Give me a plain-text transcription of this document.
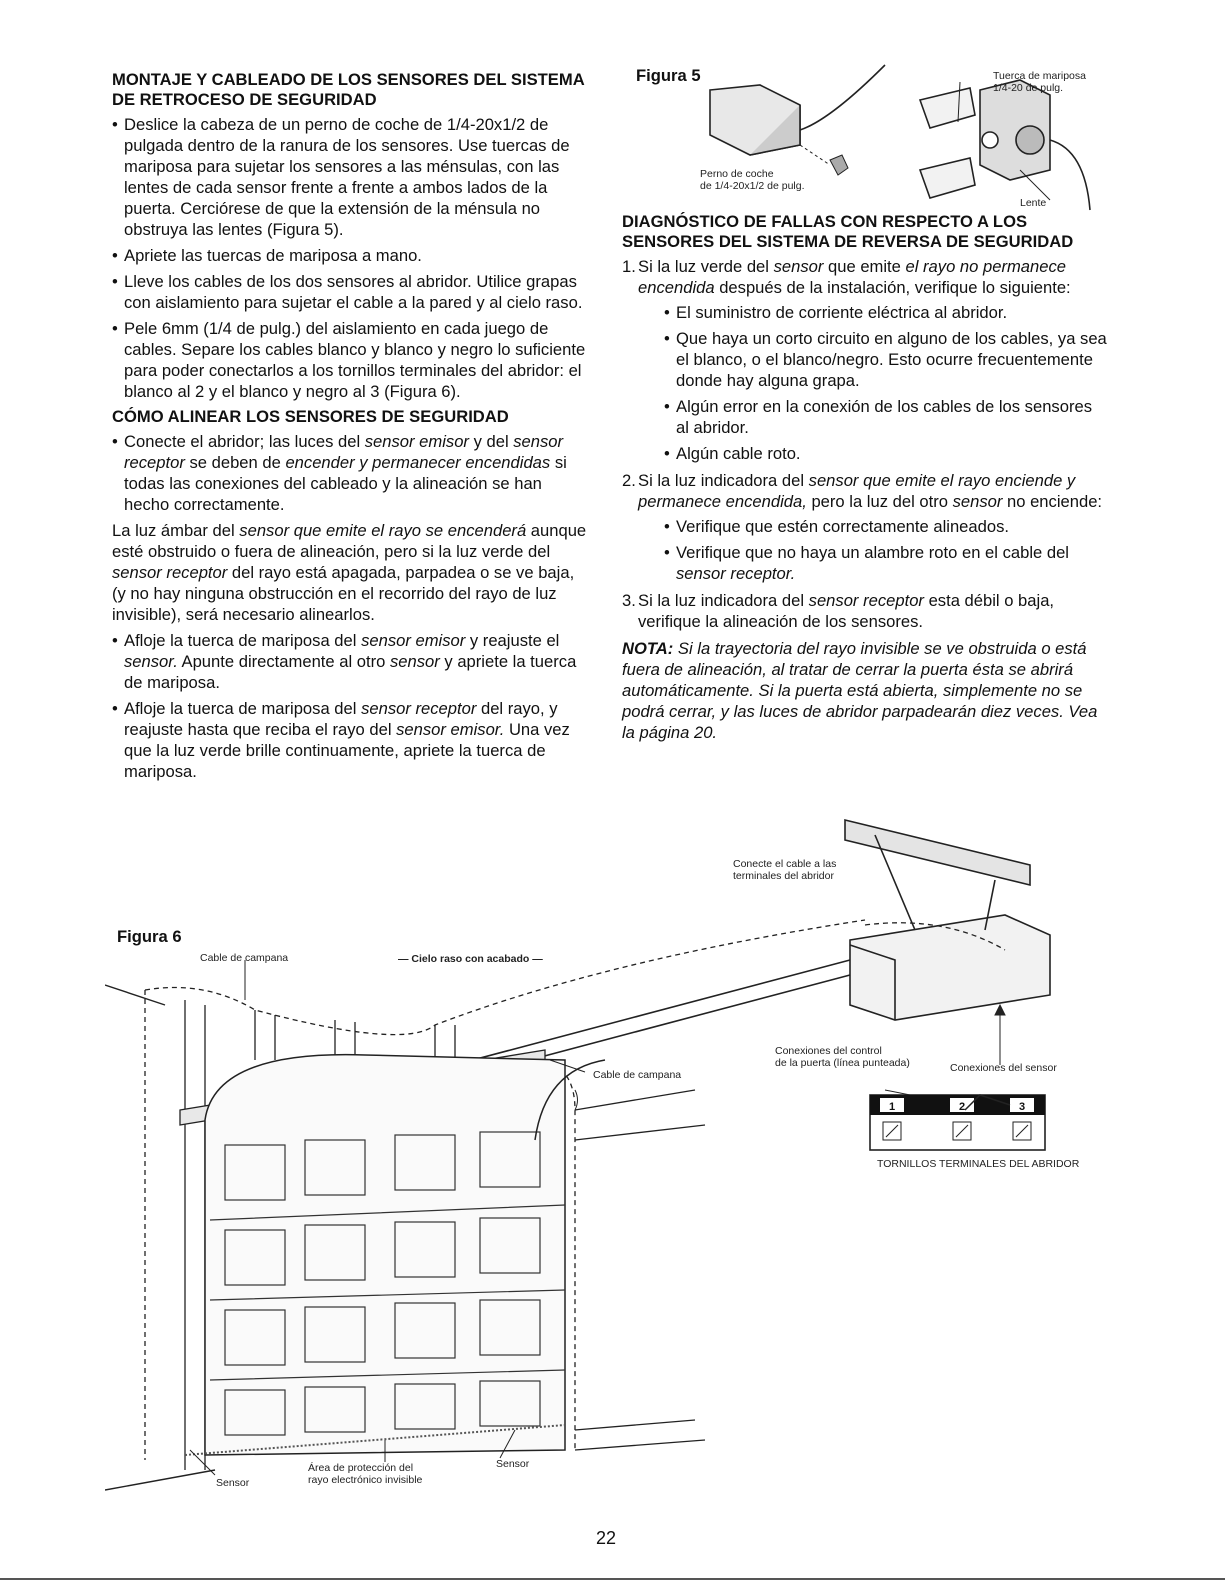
MONTAJE Y CABLEADO DE LOS SENSORES DEL SISTEMA DE RETROCESO DE SEGURIDAD
• Deslice la cabeza de un perno de coche de 1/4-20x1/2 de pulgada dentro de la ranura de los sensores. Use tuercas de mariposa para sujetar los sensores a las ménsulas, con las lentes de cada sensor frente a frente a ambos lados de la puerta. Cerciórese de que la extensión de la ménsula no obstruya las lentes (Figura 5).
• Apriete las tuercas de mariposa a mano.
• Lleve los cables de los dos sensores al abridor. Utilice grapas con aislamiento para sujetar el cable a la pared y al cielo raso.
• Pele 6mm (1/4 de pulg.) del aislamiento en cada juego de cables. Separe los cables blanco y blanco y negro lo suficiente para poder conectarlos a los tornillos terminales del abridor: el blanco al 2 y el blanco y negro al 3 (Figura 6).
CÓMO ALINEAR LOS SENSORES DE SEGURIDAD
• Conecte el abridor; las luces del sensor emisor y del sensor receptor se deben de encender y permanecer encendidas si todas las conexiones del cableado y la alineación se han hecho correctamente.

La luz ámbar del sensor que emite el rayo se encenderá aunque esté obstruido o fuera de alineación, pero si la luz verde del sensor receptor del rayo está apagada, parpadea o se ve baja, (y no hay ninguna obstrucción en el recorrido del rayo de luz invisible), será necesario alinearlos.

• Afloje la tuerca de mariposa del sensor emisor y reajuste el sensor. Apunte directamente al otro sensor y apriete la tuerca de mariposa.
• Afloje la tuerca de mariposa del sensor receptor del rayo, y reajuste hasta que reciba el rayo del sensor emisor. Una vez que la luz verde brille continuamente, apriete la tuerca de mariposa.
DIAGNÓSTICO DE FALLAS CON RESPECTO A LOS SENSORES DEL SISTEMA DE REVERSA DE SEGURIDAD
1. Si la luz verde del sensor que emite el rayo no permanece encendida después de la instalación, verifique lo siguiente:
• El suministro de corriente eléctrica al abridor.
• Que haya un corto circuito en alguno de los cables, ya sea el blanco, o el blanco/negro. Esto ocurre frecuentemente donde hay alguna grapa.
• Algún error en la conexión de los cables de los sensores al abridor.
• Algún cable roto.
2. Si la luz indicadora del sensor que emite el rayo enciende y permanece encendida, pero la luz del otro sensor no enciende:
• Verifique que estén correctamente alineados.
• Verifique que no haya un alambre roto en el cable del sensor receptor.
3. Si la luz indicadora del sensor receptor esta débil o baja, verifique la alineación de los sensores.

NOTA: Si la trayectoria del rayo invisible se ve obstruida o está fuera de alineación, al tratar de cerrar la puerta ésta se abrirá automáticamente. Si la puerta está abierta, simplemente no se podrá cerrar, y las luces de abridor parpadearán diez veces. Vea la página 20.

Figura 5	Tuerca de mariposa
1/4-20 de pulg.
Perno de coche
de 1/4-20x1/2 de pulg.
Lente
Figura 6
Cable de campana	— Cielo raso con acabado —
Conecte el cable a las
terminales del abridor
Cable de campana
Conexiones del control
de la puerta (línea punteada)	Conexiones del sensor
TORNILLOS TERMINALES DEL ABRIDOR
Sensor
Sensor
Área de protección del
rayo electrónico invisible
1	2	3
22
